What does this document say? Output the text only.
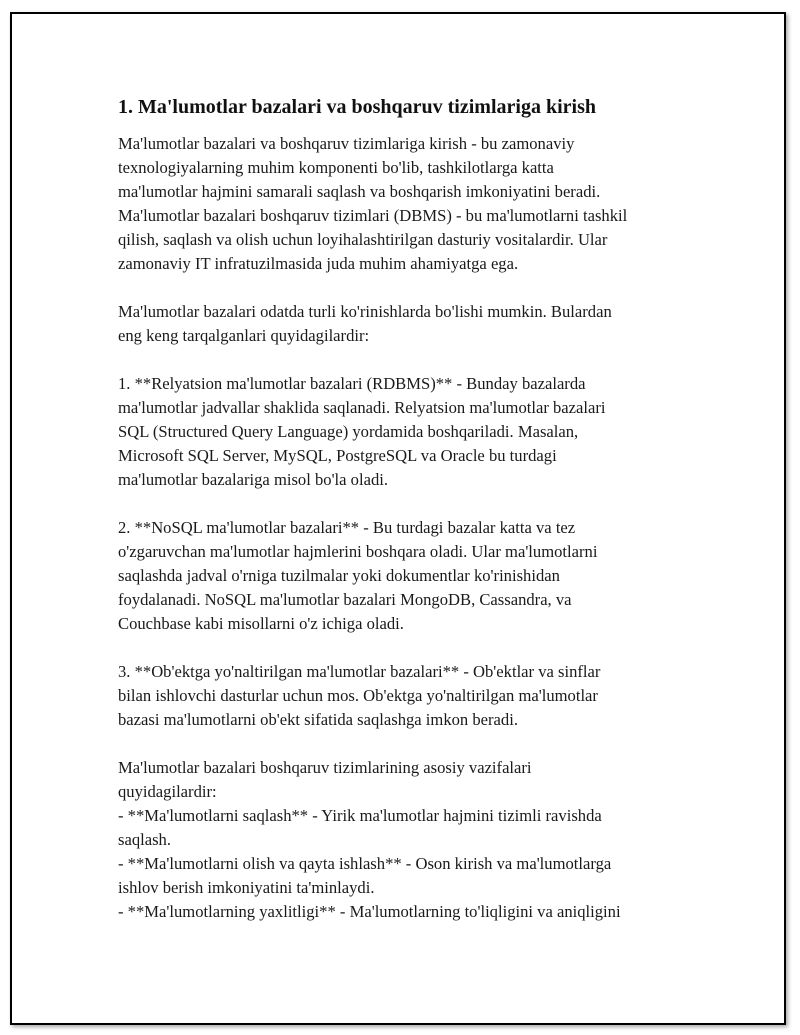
1. Ma'lumotlar bazalari va boshqaruv tizimlariga kirish

Ma'lumotlar bazalari va boshqaruv tizimlariga kirish - bu zamonaviy
texnologiyalarning muhim komponenti bo'lib, tashkilotlarga katta
ma'lumotlar hajmini samarali saqlash va boshqarish imkoniyatini beradi.
Ma'lumotlar bazalari boshqaruv tizimlari (DBMS) - bu ma'lumotlarni tashkil
qilish, saqlash va olish uchun loyihalashtirilgan dasturiy vositalardir. Ular
zamonaviy IT infratuzilmasida juda muhim ahamiyatga ega.

Ma'lumotlar bazalari odatda turli ko'rinishlarda bo'lishi mumkin. Bulardan
eng keng tarqalganlari quyidagilardir:

1. **Relyatsion ma'lumotlar bazalari (RDBMS)** - Bunday bazalarda
ma'lumotlar jadvallar shaklida saqlanadi. Relyatsion ma'lumotlar bazalari
SQL (Structured Query Language) yordamida boshqariladi. Masalan,
Microsoft SQL Server, MySQL, PostgreSQL va Oracle bu turdagi
ma'lumotlar bazalariga misol bo'la oladi.

2. **NoSQL ma'lumotlar bazalari** - Bu turdagi bazalar katta va tez
o'zgaruvchan ma'lumotlar hajmlerini boshqara oladi. Ular ma'lumotlarni
saqlashda jadval o'rniga tuzilmalar yoki dokumentlar ko'rinishidan
foydalanadi. NoSQL ma'lumotlar bazalari MongoDB, Cassandra, va
Couchbase kabi misollarni o'z ichiga oladi.

3. **Ob'ektga yo'naltirilgan ma'lumotlar bazalari** - Ob'ektlar va sinflar
bilan ishlovchi dasturlar uchun mos. Ob'ektga yo'naltirilgan ma'lumotlar
bazasi ma'lumotlarni ob'ekt sifatida saqlashga imkon beradi.

Ma'lumotlar bazalari boshqaruv tizimlarining asosiy vazifalari
quyidagilardir:
- **Ma'lumotlarni saqlash** - Yirik ma'lumotlar hajmini tizimli ravishda
saqlash.
- **Ma'lumotlarni olish va qayta ishlash** - Oson kirish va ma'lumotlarga
ishlov berish imkoniyatini ta'minlaydi.
- **Ma'lumotlarning yaxlitligi** - Ma'lumotlarning to'liqligini va aniqligini
